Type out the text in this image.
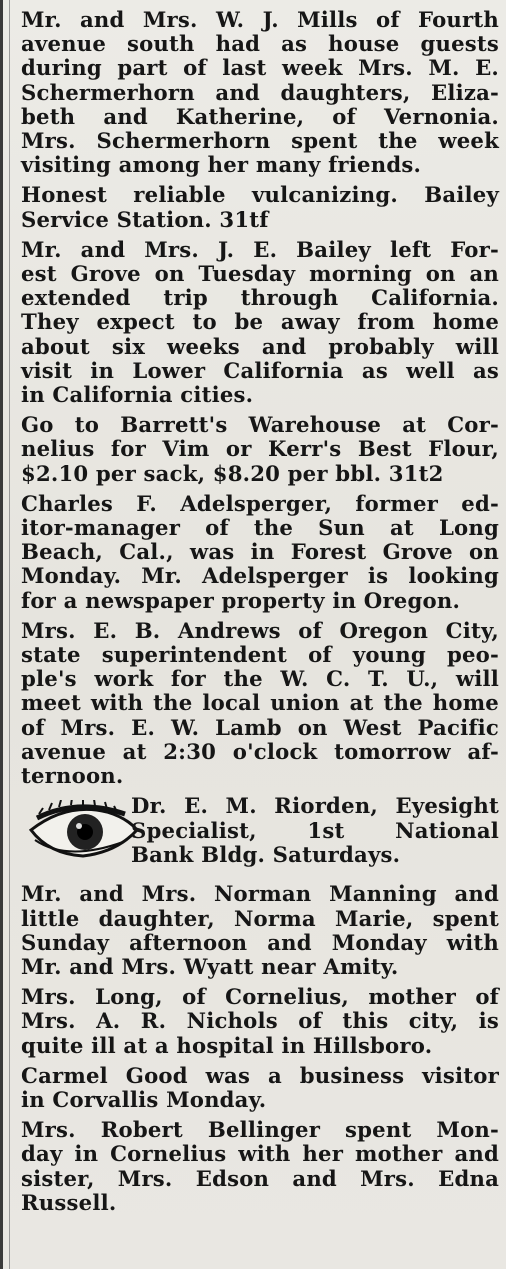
Mr. and Mrs. W. J. Mills of Fourth
avenue south had as house guests
during part of last week Mrs. M. E.
Schermerhorn and daughters, Eliza-
beth and Katherine, of Vernonia.
Mrs. Schermerhorn spent the week
visiting among her many friends.
Honest reliable vulcanizing. Bailey
Service Station. 31tf
Mr. and Mrs. J. E. Bailey left For-
est Grove on Tuesday morning on an
extended trip through California.
They expect to be away from home
about six weeks and probably will
visit in Lower California as well as
in California cities.
Go to Barrett's Warehouse at Cor-
nelius for Vim or Kerr's Best Flour,
$2.10 per sack, $8.20 per bbl. 31t2
Charles F. Adelsperger, former ed-
itor-manager of the Sun at Long
Beach, Cal., was in Forest Grove on
Monday. Mr. Adelsperger is looking
for a newspaper property in Oregon.
Mrs. E. B. Andrews of Oregon City,
state superintendent of young peo-
ple's work for the W. C. T. U., will
meet with the local union at the home
of Mrs. E. W. Lamb on West Pacific
avenue at 2:30 o'clock tomorrow af-
ternoon.
Dr. E. M. Riorden, Eyesight
Specialist, 1st National
Bank Bldg. Saturdays.
Mr. and Mrs. Norman Manning and
little daughter, Norma Marie, spent
Sunday afternoon and Monday with
Mr. and Mrs. Wyatt near Amity.
Mrs. Long, of Cornelius, mother of
Mrs. A. R. Nichols of this city, is
quite ill at a hospital in Hillsboro.
Carmel Good was a business visitor
in Corvallis Monday.
Mrs. Robert Bellinger spent Mon-
day in Cornelius with her mother and
sister, Mrs. Edson and Mrs. Edna
Russell.
